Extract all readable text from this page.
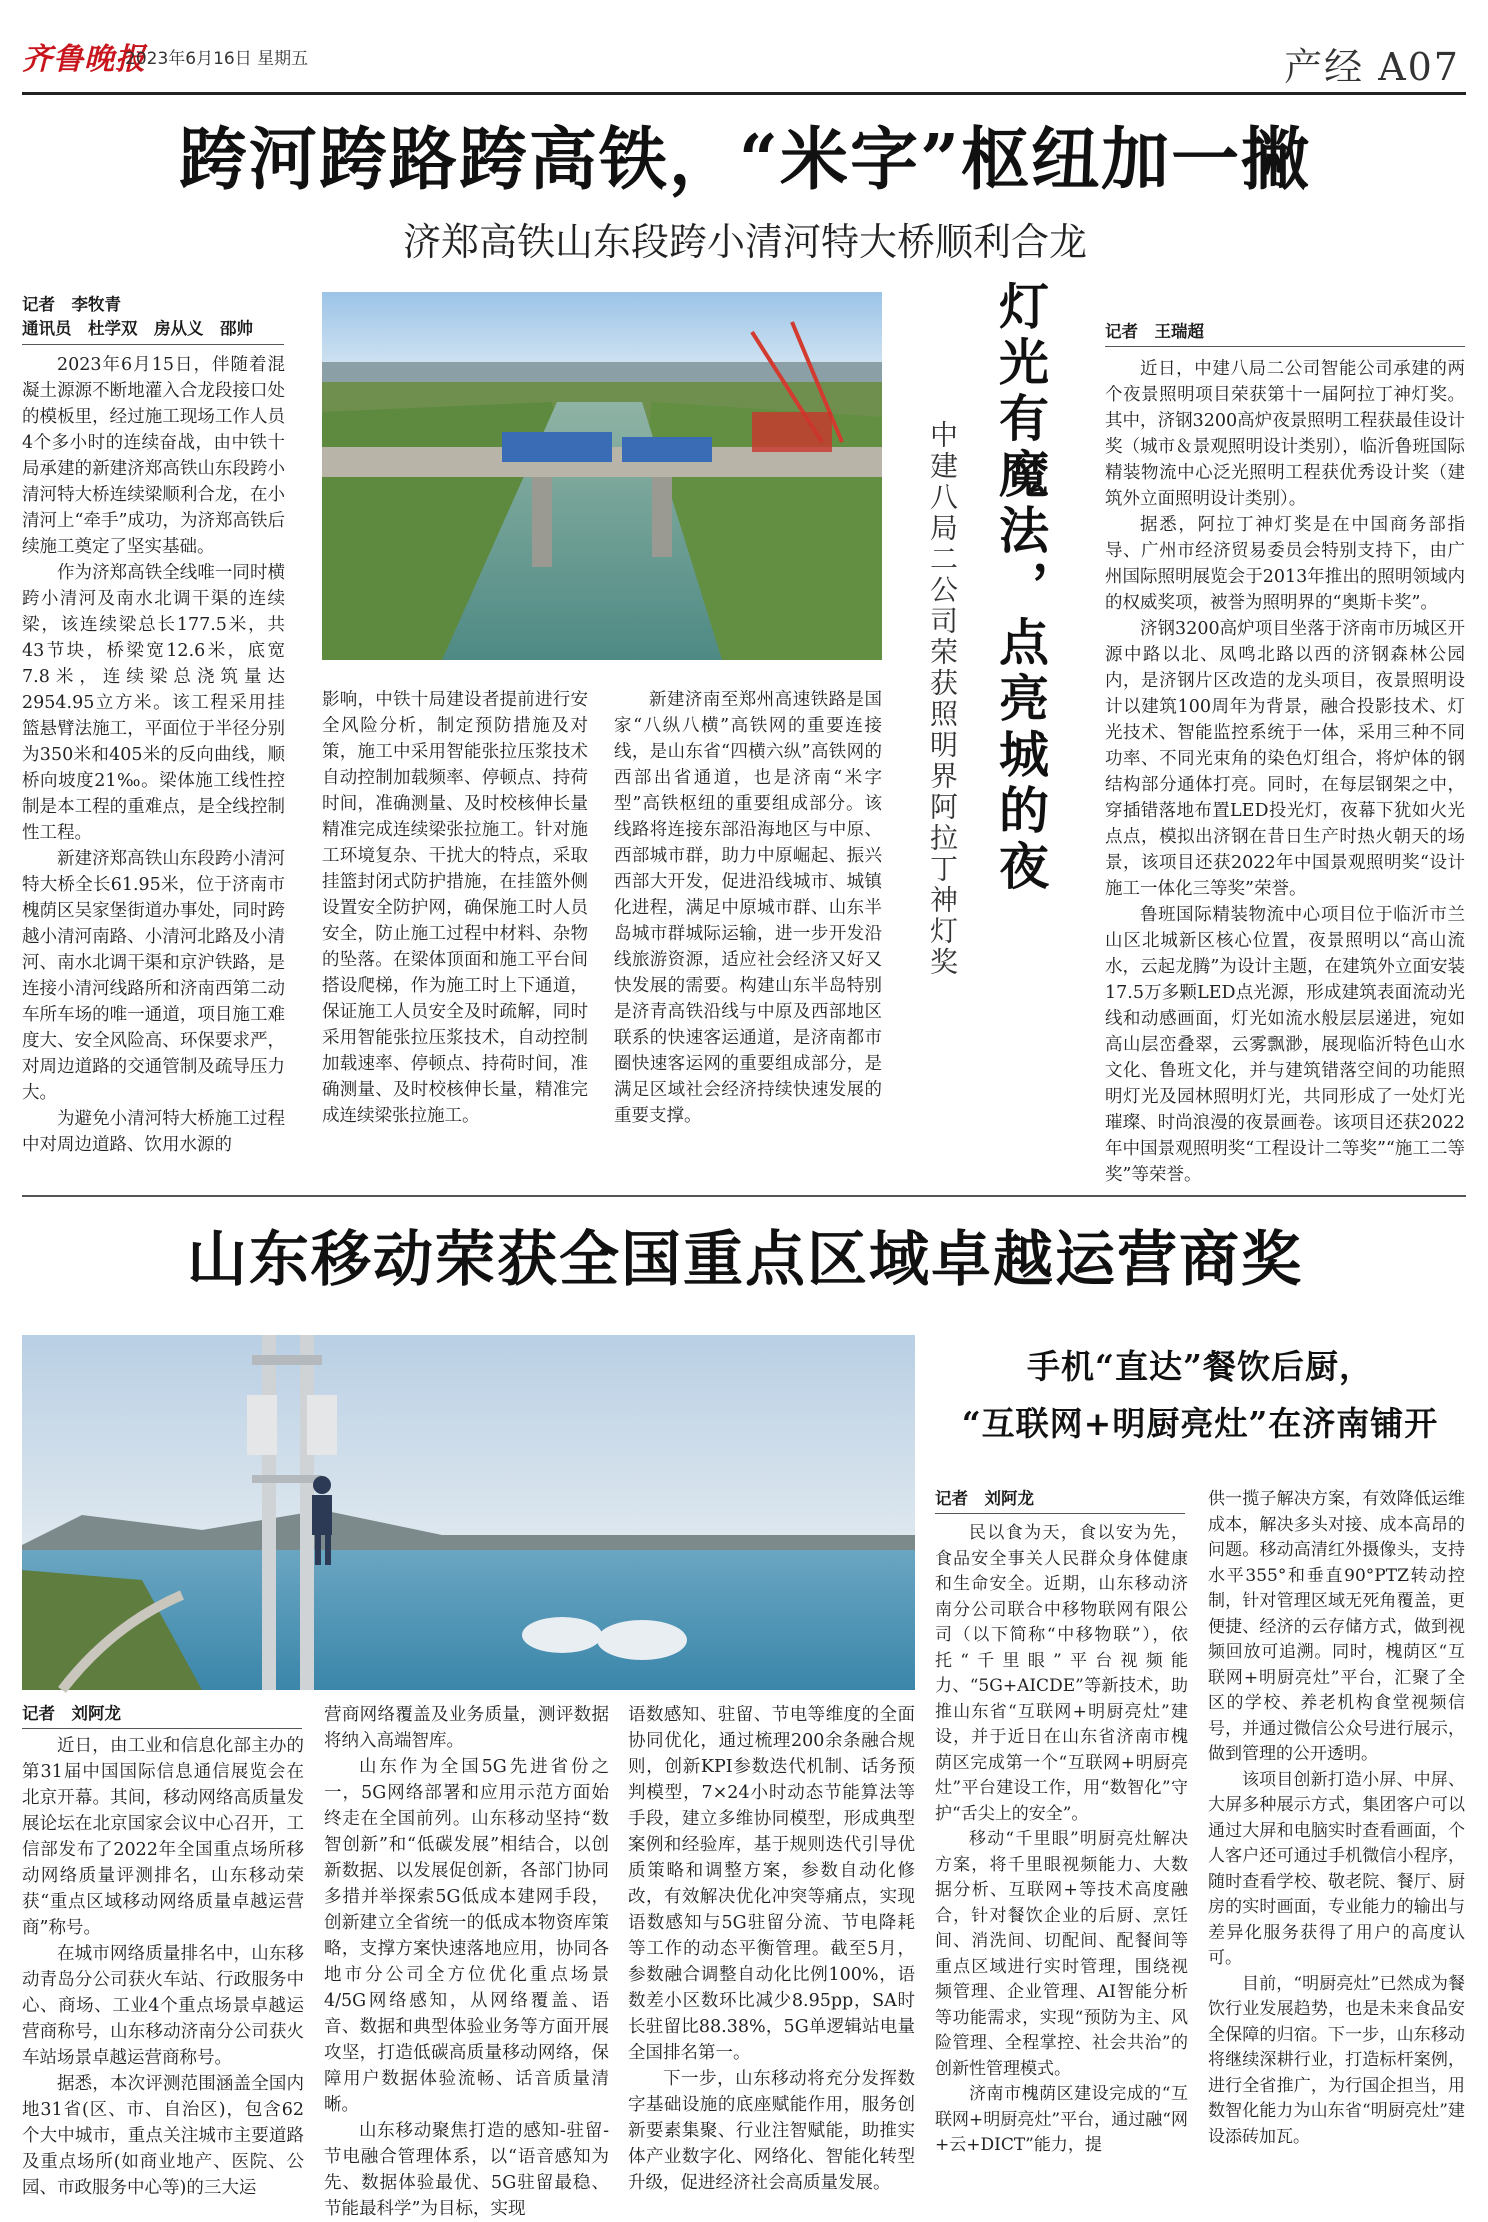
齐鲁晚报
2023年6月16日 星期五	产经 A07
跨河跨路跨高铁，“米字”枢纽加一撇
济郑高铁山东段跨小清河特大桥顺利合龙
记者　李牧青
通讯员　杜学双　房从义　邵帅

2023年6月15日，伴随着混凝土源源不断地灌入合龙段接口处的模板里，经过施工现场工作人员4个多小时的连续奋战，由中铁十局承建的新建济郑高铁山东段跨小清河特大桥连续梁顺利合龙，在小清河上“牵手”成功，为济郑高铁后续施工奠定了坚实基础。

作为济郑高铁全线唯一同时横跨小清河及南水北调干渠的连续梁，该连续梁总长177.5米，共43节块，桥梁宽12.6米，底宽7.8米，连续梁总浇筑量达2954.95立方米。该工程采用挂篮悬臂法施工，平面位于半径分别为350米和405米的反向曲线，顺桥向坡度21‰。梁体施工线性控制是本工程的重难点，是全线控制性工程。

新建济郑高铁山东段跨小清河特大桥全长61.95米，位于济南市槐荫区吴家堡街道办事处，同时跨越小清河南路、小清河北路及小清河、南水北调干渠和京沪铁路，是连接小清河线路所和济南西第二动车所车场的唯一通道，项目施工难度大、安全风险高、环保要求严，对周边道路的交通管制及疏导压力大。

为避免小清河特大桥施工过程中对周边道路、饮用水源的

影响，中铁十局建设者提前进行安全风险分析，制定预防措施及对策，施工中采用智能张拉压浆技术自动控制加载频率、停顿点、持荷时间，准确测量、及时校核伸长量精准完成连续梁张拉施工。针对施工环境复杂、干扰大的特点，采取挂篮封闭式防护措施，在挂篮外侧设置安全防护网，确保施工时人员安全，防止施工过程中材料、杂物的坠落。在梁体顶面和施工平台间搭设爬梯，作为施工时上下通道，保证施工人员安全及时疏解，同时采用智能张拉压浆技术，自动控制加载速率、停顿点、持荷时间，准确测量、及时校核伸长量，精准完成连续梁张拉施工。

新建济南至郑州高速铁路是国家“八纵八横”高铁网的重要连接线，是山东省“四横六纵”高铁网的西部出省通道，也是济南“米字型”高铁枢纽的重要组成部分。该线路将连接东部沿海地区与中原、西部城市群，助力中原崛起、振兴西部大开发，促进沿线城市、城镇化进程，满足中原城市群、山东半岛城市群城际运输，进一步开发沿线旅游资源，适应社会经济又好又快发展的需要。构建山东半岛特别是济青高铁沿线与中原及西部地区联系的快速客运通道，是济南都市圈快速客运网的重要组成部分，是满足区域社会经济持续快速发展的重要支撑。

灯光有魔法，点亮城的夜
中建八局二公司荣获照明界阿拉丁神灯奖
记者　王瑞超

近日，中建八局二公司智能公司承建的两个夜景照明项目荣获第十一届阿拉丁神灯奖。其中，济钢3200高炉夜景照明工程获最佳设计奖（城市＆景观照明设计类别），临沂鲁班国际精装物流中心泛光照明工程获优秀设计奖（建筑外立面照明设计类别）。

据悉，阿拉丁神灯奖是在中国商务部指导、广州市经济贸易委员会特别支持下，由广州国际照明展览会于2013年推出的照明领域内的权威奖项，被誉为照明界的“奥斯卡奖”。

济钢3200高炉项目坐落于济南市历城区开源中路以北、凤鸣北路以西的济钢森林公园内，是济钢片区改造的龙头项目，夜景照明设计以建筑100周年为背景，融合投影技术、灯光技术、智能监控系统于一体，采用三种不同功率、不同光束角的染色灯组合，将炉体的钢结构部分通体打亮。同时，在每层钢架之中，穿插错落地布置LED投光灯，夜幕下犹如火光点点，模拟出济钢在昔日生产时热火朝天的场景，该项目还获2022年中国景观照明奖“设计施工一体化三等奖”荣誉。

鲁班国际精装物流中心项目位于临沂市兰山区北城新区核心位置，夜景照明以“高山流水，云起龙腾”为设计主题，在建筑外立面安装17.5万多颗LED点光源，形成建筑表面流动光线和动感画面，灯光如流水般层层递进，宛如高山层峦叠翠，云雾飘渺，展现临沂特色山水文化、鲁班文化，并与建筑错落空间的功能照明灯光及园林照明灯光，共同形成了一处灯光璀璨、时尚浪漫的夜景画卷。该项目还获2022年中国景观照明奖“工程设计二等奖”“施工二等奖”等荣誉。

山东移动荣获全国重点区域卓越运营商奖
记者　刘阿龙

近日，由工业和信息化部主办的第31届中国国际信息通信展览会在北京开幕。其间，移动网络高质量发展论坛在北京国家会议中心召开，工信部发布了2022年全国重点场所移动网络质量评测排名，山东移动荣获“重点区域移动网络质量卓越运营商”称号。

在城市网络质量排名中，山东移动青岛分公司获火车站、行政服务中心、商场、工业4个重点场景卓越运营商称号，山东移动济南分公司获火车站场景卓越运营商称号。

据悉，本次评测范围涵盖全国内地31省(区、市、自治区)，包含62个大中城市，重点关注城市主要道路及重点场所(如商业地产、医院、公园、市政服务中心等)的三大运

营商网络覆盖及业务质量，测评数据将纳入高端智库。

山东作为全国5G先进省份之一，5G网络部署和应用示范方面始终走在全国前列。山东移动坚持“数智创新”和“低碳发展”相结合，以创新数据、以发展促创新，各部门协同多措并举探索5G低成本建网手段，创新建立全省统一的低成本物资库策略，支撑方案快速落地应用，协同各地市分公司全方位优化重点场景4/5G网络感知，从网络覆盖、语音、数据和典型体验业务等方面开展攻坚，打造低碳高质量移动网络，保障用户数据体验流畅、话音质量清晰。

山东移动聚焦打造的感知-驻留-节电融合管理体系，以“语音感知为先、数据体验最优、5G驻留最稳、节能最科学”为目标，实现

语数感知、驻留、节电等维度的全面协同优化，通过梳理200余条融合规则，创新KPI参数迭代机制、话务预判模型，7×24小时动态节能算法等手段，建立多维协同模型，形成典型案例和经验库，基于规则迭代引导优质策略和调整方案，参数自动化修改，有效解决优化冲突等痛点，实现语数感知与5G驻留分流、节电降耗等工作的动态平衡管理。截至5月，参数融合调整自动化比例100%，语数差小区数环比减少8.95pp，SA时长驻留比88.38%，5G单逻辑站电量全国排名第一。

下一步，山东移动将充分发挥数字基础设施的底座赋能作用，服务创新要素集聚、行业注智赋能，助推实体产业数字化、网络化、智能化转型升级，促进经济社会高质量发展。

手机“直达”餐饮后厨，
“互联网+明厨亮灶”在济南铺开
记者　刘阿龙

民以食为天，食以安为先，食品安全事关人民群众身体健康和生命安全。近期，山东移动济南分公司联合中移物联网有限公司（以下简称“中移物联”），依托“千里眼”平台视频能力、“5G+AICDE”等新技术，助推山东省“互联网+明厨亮灶”建设，并于近日在山东省济南市槐荫区完成第一个“互联网+明厨亮灶”平台建设工作，用“数智化”守护“舌尖上的安全”。

移动“千里眼”明厨亮灶解决方案，将千里眼视频能力、大数据分析、互联网+等技术高度融合，针对餐饮企业的后厨、烹饪间、消洗间、切配间、配餐间等重点区域进行实时管理，围绕视频管理、企业管理、AI智能分析等功能需求，实现“预防为主、风险管理、全程掌控、社会共治”的创新性管理模式。

济南市槐荫区建设完成的“互联网+明厨亮灶”平台，通过融“网+云+DICT”能力，提

供一揽子解决方案，有效降低运维成本，解决多头对接、成本高昂的问题。移动高清红外摄像头，支持水平355°和垂直90°PTZ转动控制，针对管理区域无死角覆盖，更便捷、经济的云存储方式，做到视频回放可追溯。同时，槐荫区“互联网+明厨亮灶”平台，汇聚了全区的学校、养老机构食堂视频信号，并通过微信公众号进行展示，做到管理的公开透明。

该项目创新打造小屏、中屏、大屏多种展示方式，集团客户可以通过大屏和电脑实时查看画面，个人客户还可通过手机微信小程序，随时查看学校、敬老院、餐厅、厨房的实时画面，专业能力的输出与差异化服务获得了用户的高度认可。

目前，“明厨亮灶”已然成为餐饮行业发展趋势，也是未来食品安全保障的归宿。下一步，山东移动将继续深耕行业，打造标杆案例，进行全省推广，为行国企担当，用数智化能力为山东省“明厨亮灶”建设添砖加瓦。
